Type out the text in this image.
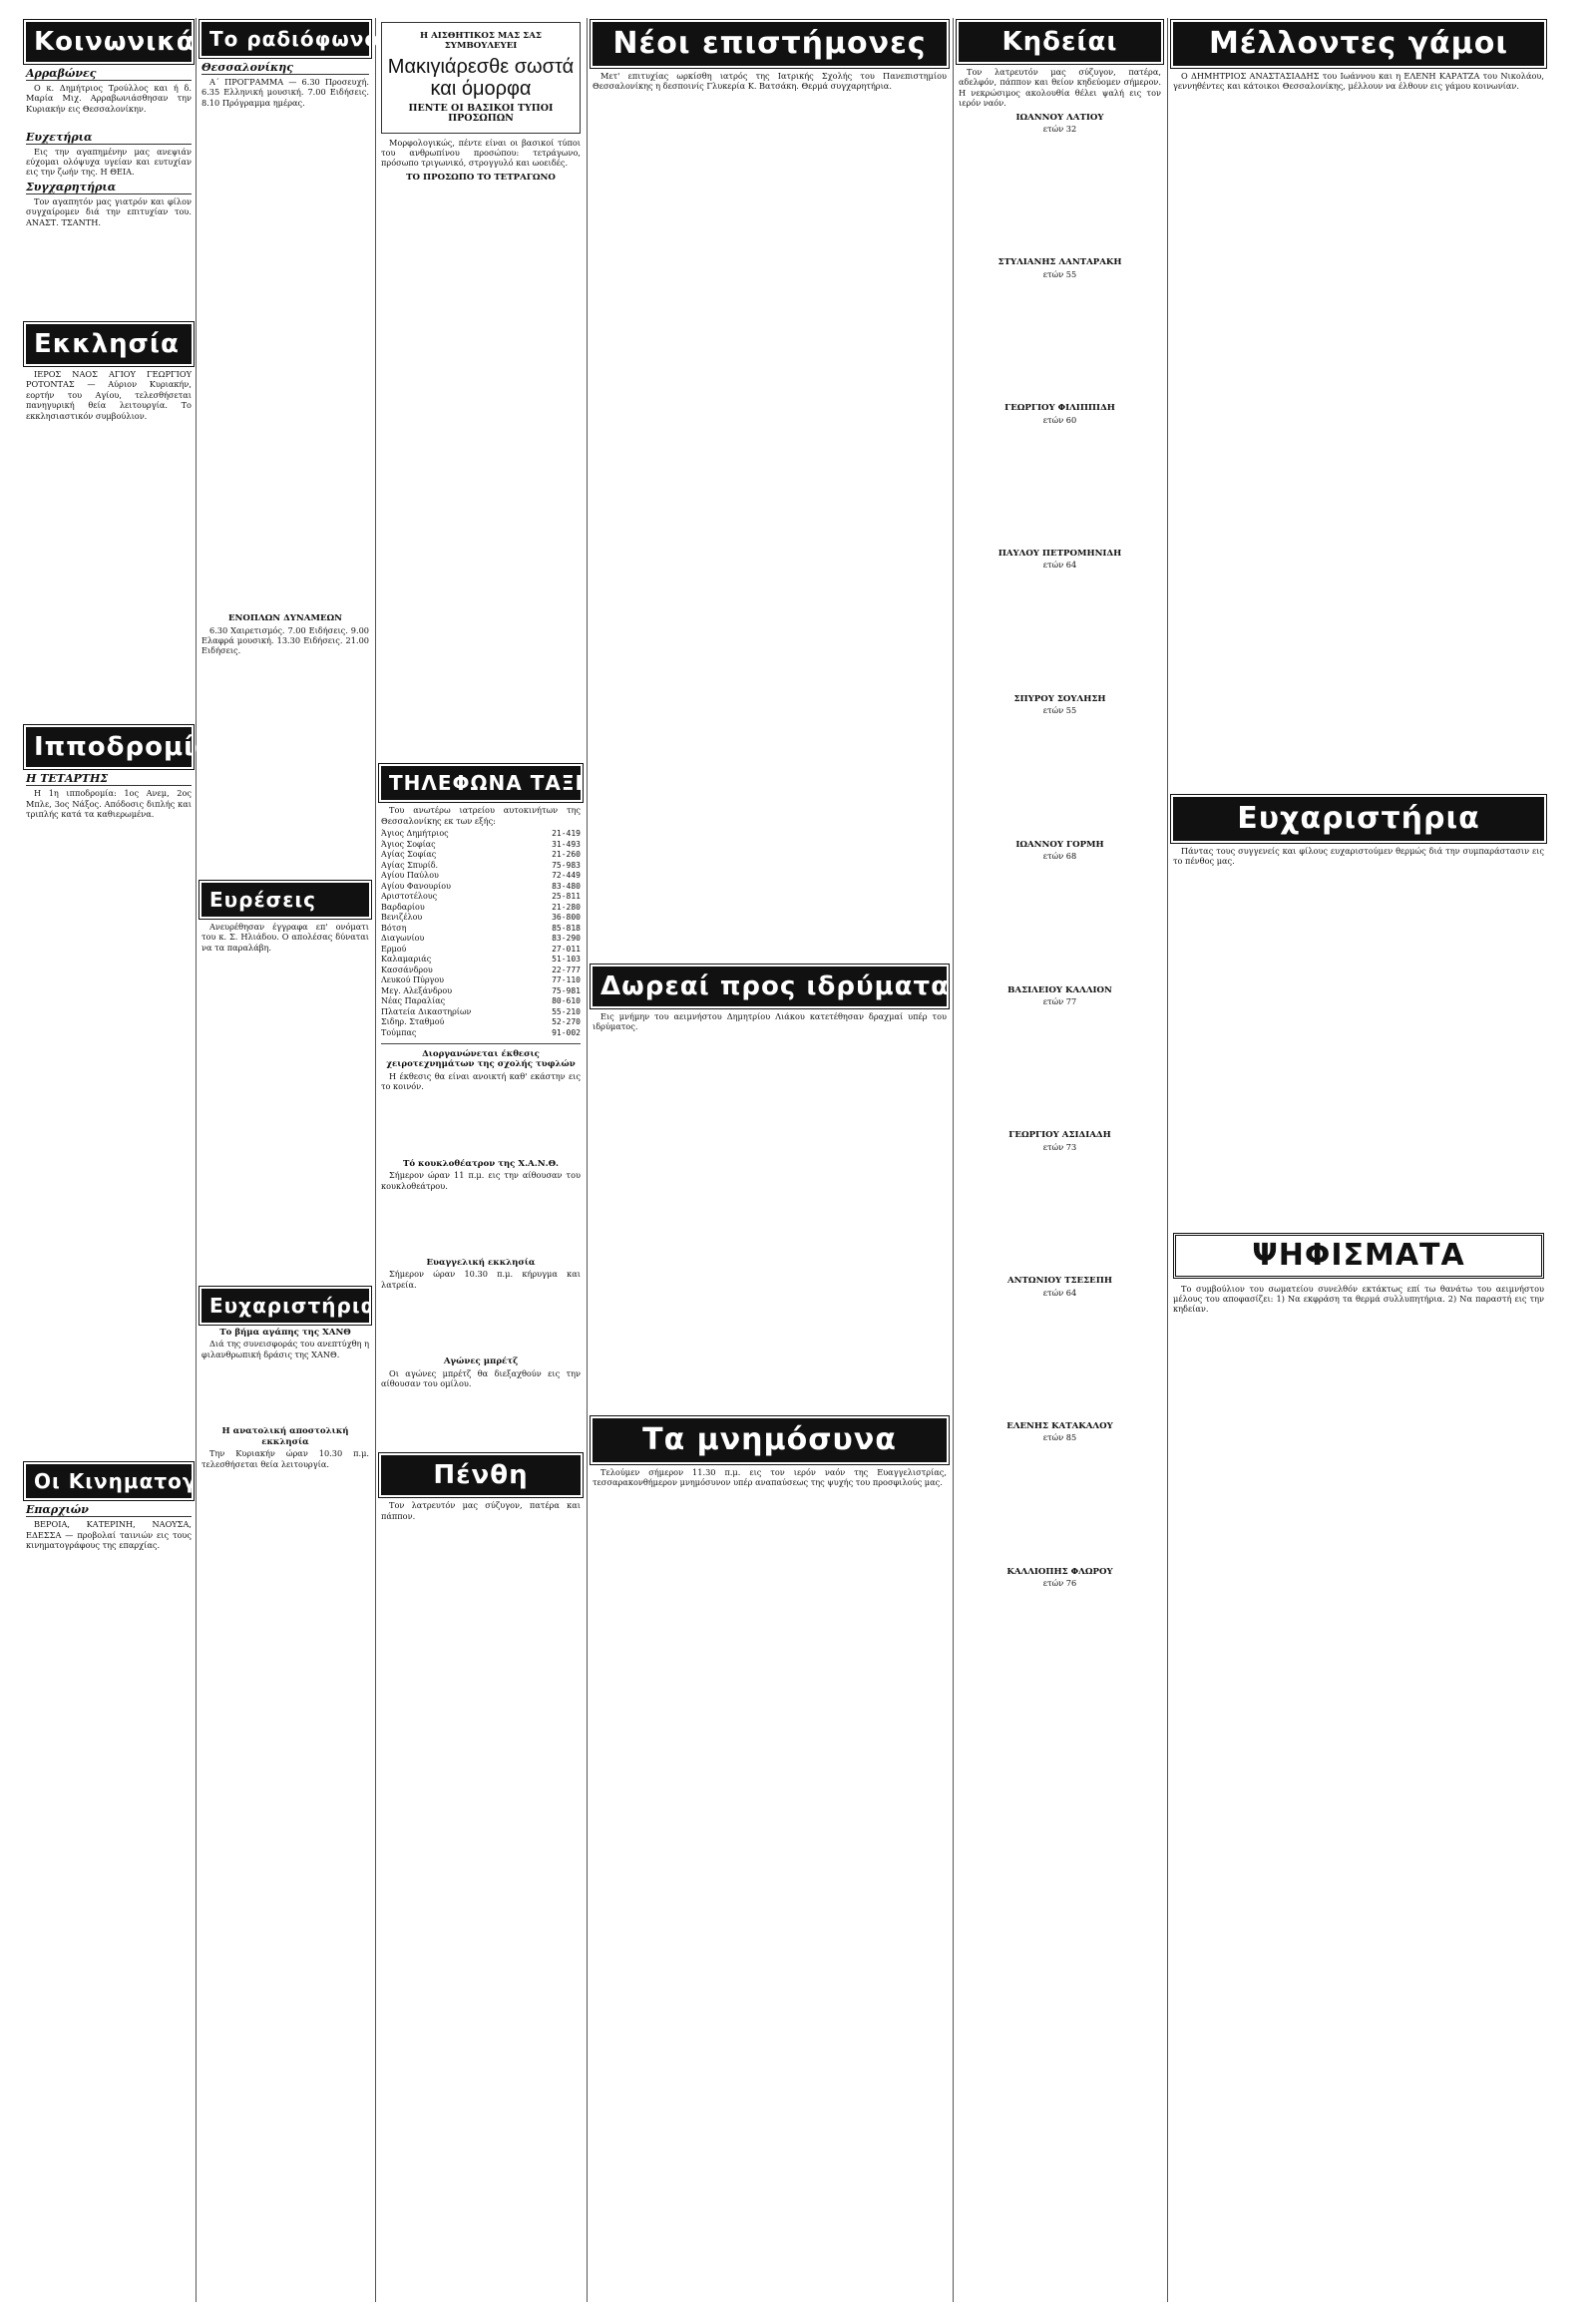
Κοινωνικά
Αρραβώνες

Ο κ. Δημήτριος Τρούλλος και ή δ. Μαρία Μιχ. Αρραβωνιάσθησαν την Κυριακήν εις Θεσσαλονίκην.

Ευχετήρια

Εις την αγαπημένην μας ανεψιάν εύχομαι ολόψυχα υγείαν και ευτυχίαν εις την ζωήν της. Η ΘΕΙΑ.

Συγχαρητήρια

Τον αγαπητόν μας γιατρόν και φίλον συγχαίρομεν διά την επιτυχίαν του. ΑΝΑΣΤ. ΤΣΑΝΤΗ.

Εκκλησία

ΙΕΡΟΣ ΝΑΟΣ ΑΓΙΟΥ ΓΕΩΡΓΙΟΥ ΡΟΤΟΝΤΑΣ — Αύριον Κυριακήν, εορτήν του Αγίου, τελεσθήσεται πανηγυρική θεία λειτουργία. Το εκκλησιαστικόν συμβούλιον.

Ιπποδρομίαι
Η ΤΕΤΑΡΤΗΣ

Η 1η ιπποδρομία: 1ος Ανεμ, 2ος Μπλε, 3ος Νάξος. Απόδοσις διπλής και τριπλής κατά τα καθιερωμένα.

Οι Κινηματογράφοι
Επαρχιών

ΒΕΡΟΙΑ, ΚΑΤΕΡΙΝΗ, ΝΑΟΥΣΑ, ΕΔΕΣΣΑ — προβολαί ταινιών εις τους κινηματογράφους της επαρχίας.

Το ραδιόφωνον
Θεσσαλονίκης

Α΄ ΠΡΟΓΡΑΜΜΑ — 6.30 Προσευχή. 6.35 Ελληνική μουσική. 7.00 Ειδήσεις. 8.10 Πρόγραμμα ημέρας.

ΕΝΟΠΛΩΝ ΔΥΝΑΜΕΩΝ

6.30 Χαιρετισμός. 7.00 Ειδήσεις. 9.00 Ελαφρά μουσική. 13.30 Ειδήσεις. 21.00 Ειδήσεις.

Ευρέσεις

Ανευρέθησαν έγγραφα επ' ονόματι του κ. Σ. Ηλιάδου. Ο απολέσας δύναται να τα παραλάβη.

Ευχαριστήρια
Το βήμα αγάπης της ΧΑΝΘ

Διά της συνεισφοράς του ανεπτύχθη η φιλανθρωπική δράσις της ΧΑΝΘ.

Η ανατολική αποστολική εκκλησία

Την Κυριακήν ώραν 10.30 π.μ. τελεσθήσεται θεία λειτουργία.

Η ΑΙΣΘΗΤΙΚΟΣ ΜΑΣ ΣΑΣ ΣΥΜΒΟΥΛΕΥΕΙ
Μακιγιάρεσθε σωστά και όμορφα
ΠΕΝΤΕ ΟΙ ΒΑΣΙΚΟΙ ΤΥΠΟΙ ΠΡΟΣΩΠΩΝ

Μορφολογικώς, πέντε είναι οι βασικοί τύποι του ανθρωπίνου προσώπου: τετράγωνο, πρόσωπο τριγωνικό, στρογγυλό και ωοειδές.

ΤΟ ΠΡΟΣΩΠΟ ΤΟ ΤΕΤΡΑΓΩΝΟ
ΤΗΛΕΦΩΝΑ ΤΑΞΙ

Του ανωτέρω ιατρείου αυτοκινήτων της Θεσσαλονίκης εκ των εξής:

Άγιος Δημήτριος	21-419
Άγιος Σοφίας	31-493
Αγίας Σοφίας	21-260
Αγίας Σπυρίδ.	75-983
Αγίου Παύλου	72-449
Αγίου Φανουρίου	83-480
Αριστοτέλους	25-811
Βαρδαρίου	21-280
Βενιζέλου	36-800
Βότση	85-818
Διαγωνίου	83-290
Ερμού	27-011
Καλαμαριάς	51-103
Κασσάνδρου	22-777
Λευκού Πύργου	77-110
Μεγ. Αλεξάνδρου	75-981
Νέας Παραλίας	80-610
Πλατεία Δικαστηρίων	55-210
Σιδηρ. Σταθμού	52-270
Τούμπας	91-002
Διοργανώνεται έκθεσις χειροτεχνημάτων της σχολής τυφλών

Η έκθεσις θα είναι ανοικτή καθ' εκάστην εις το κοινόν.

Τό κουκλοθέατρον της Χ.Α.Ν.Θ.

Σήμερον ώραν 11 π.μ. εις την αίθουσαν του κουκλοθεάτρου.

Ευαγγελική εκκλησία

Σήμερον ώραν 10.30 π.μ. κήρυγμα και λατρεία.

Αγώνες μπρέτζ

Οι αγώνες μπρέτζ θα διεξαχθούν εις την αίθουσαν του ομίλου.

Πένθη

Τον λατρευτόν μας σύζυγον, πατέρα και πάππον.

Νέοι επιστήμονες

Μετ' επιτυχίας ωρκίσθη ιατρός της Ιατρικής Σχολής του Πανεπιστημίου Θεσσαλονίκης η δεσποινίς Γλυκερία Κ. Βατσάκη. Θερμά συγχαρητήρια.

Δωρεαί προς ιδρύματα

Εις μνήμην του αειμνήστου Δημητρίου Λιάκου κατετέθησαν δραχμαί υπέρ του ιδρύματος.

Τα μνημόσυνα

Τελούμεν σήμερον 11.30 π.μ. εις τον ιερόν ναόν της Ευαγγελιστρίας, τεσσαρακονθήμερον μνημόσυνον υπέρ αναπαύσεως της ψυχής του προσφιλούς μας.

Κηδείαι

Τον λατρευτόν μας σύζυγον, πατέρα, αδελφόν, πάππον και θείον κηδεύομεν σήμερον. Η νεκρώσιμος ακολουθία θέλει ψαλή εις τον ιερόν ναόν.

ΙΩΑΝΝΟΥ ΛΑΤΙΟΥ
ετών 32
ΣΤΥΛΙΑΝΗΣ ΛΑΝΤΑΡΑΚΗ
ετών 55
ΓΕΩΡΓΙΟΥ ΦΙΛΙΠΠΙΔΗ
ετών 60
ΠΑΥΛΟΥ ΠΕΤΡΟΜΗΝΙΔΗ
ετών 64
ΣΠΥΡΟΥ ΣΟΥΛΗΣΗ
ετών 55
ΙΩΑΝΝΟΥ ΓΟΡΜΗ
ετών 68
ΒΑΣΙΛΕΙΟΥ ΚΑΛΛΙΟΝ
ετών 77
ΓΕΩΡΓΙΟΥ ΑΣΙΔΙΑΔΗ
ετών 73
ΑΝΤΩΝΙΟΥ ΤΣΕΣΕΠΗ
ετών 64
ΕΛΕΝΗΣ ΚΑΤΑΚΑΛΟΥ
ετών 85
ΚΑΛΛΙΟΠΗΣ ΦΛΩΡΟΥ
ετών 76
Μέλλοντες γάμοι

Ο ΔΗΜΗΤΡΙΟΣ ΑΝΑΣΤΑΣΙΑΔΗΣ του Ιωάννου και η ΕΛΕΝΗ ΚΑΡΑΤΖΑ του Νικολάου, γεννηθέντες και κάτοικοι Θεσσαλονίκης, μέλλουν να έλθουν εις γάμου κοινωνίαν.

Ευχαριστήρια

Πάντας τους συγγενείς και φίλους ευχαριστούμεν θερμώς διά την συμπαράστασιν εις το πένθος μας.

ΨΗΦΙΣΜΑΤΑ

Το συμβούλιον του σωματείου συνελθόν εκτάκτως επί τω θανάτω του αειμνήστου μέλους του αποφασίζει: 1) Να εκφράση τα θερμά συλλυπητήρια. 2) Να παραστή εις την κηδείαν.
